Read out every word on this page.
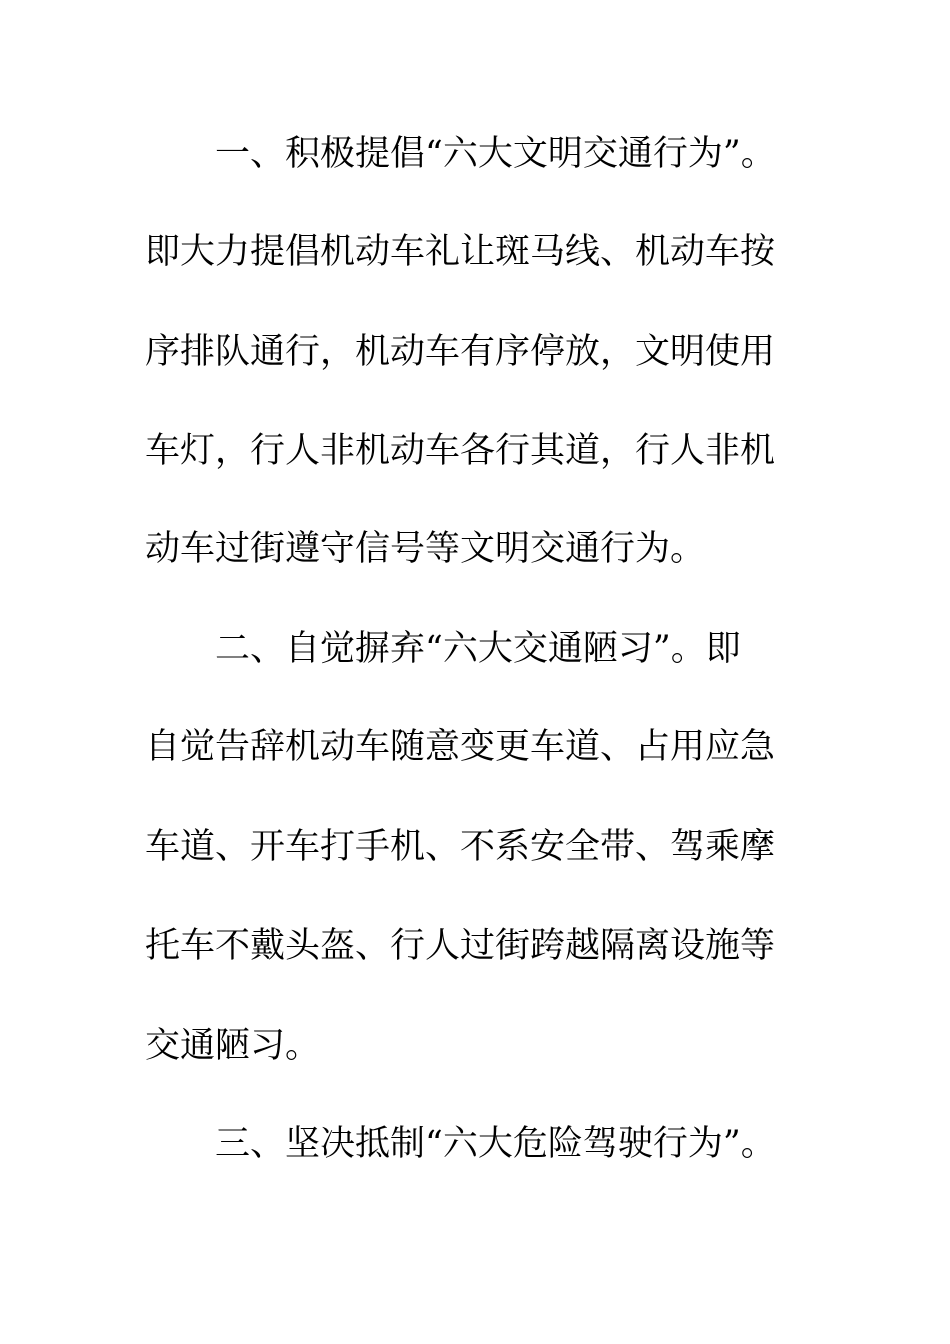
一、积极提倡“六大文明交通行为”。
即大力提倡机动车礼让斑马线、机动车按
序排队通行，机动车有序停放，文明使用
车灯，行人非机动车各行其道，行人非机
动车过街遵守信号等文明交通行为。
二、自觉摒弃“六大交通陋习”。即
自觉告辞机动车随意变更车道、占用应急
车道、开车打手机、不系安全带、驾乘摩
托车不戴头盔、行人过街跨越隔离设施等
交通陋习。
三、坚决抵制“六大危险驾驶行为”。
